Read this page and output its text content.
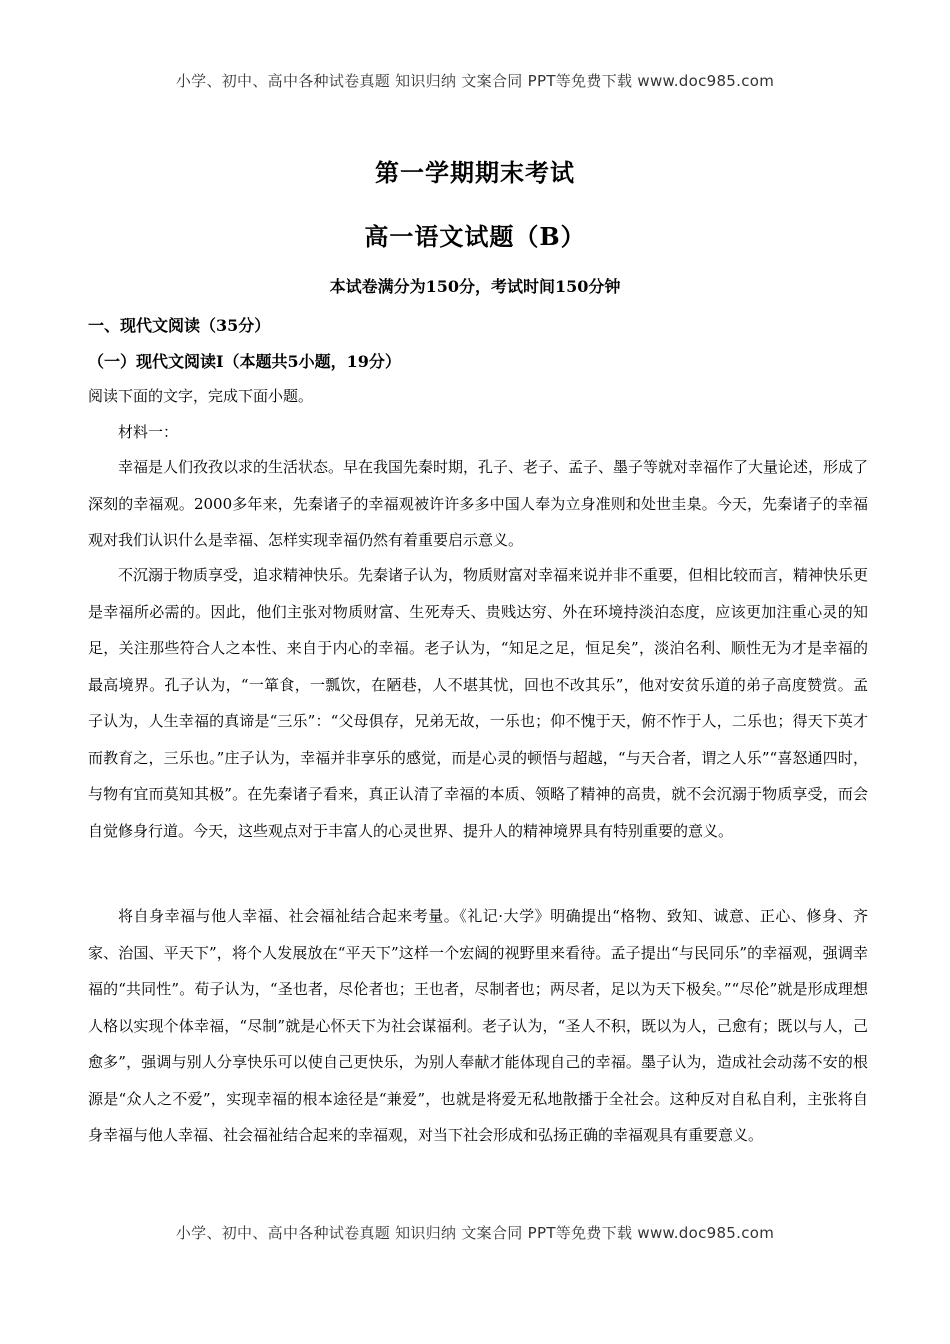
小学、初中、高中各种试卷真题 知识归纳 文案合同 PPT等免费下载 www.doc985.com
第一学期期末考试
高一语文试题（B）
本试卷满分为150分，考试时间150分钟
一、现代文阅读（35分）
（一）现代文阅读Ⅰ（本题共5小题，19分）
阅读下面的文字，完成下面小题。
材料一：

幸福是人们孜孜以求的生活状态。早在我国先秦时期，孔子、老子、孟子、墨子等就对幸福作了大量论述，形成了深刻的幸福观。2000多年来，先秦诸子的幸福观被许许多多中国人奉为立身准则和处世圭臬。今天，先秦诸子的幸福观对我们认识什么是幸福、怎样实现幸福仍然有着重要启示意义。

不沉溺于物质享受，追求精神快乐。先秦诸子认为，物质财富对幸福来说并非不重要，但相比较而言，精神快乐更是幸福所必需的。因此，他们主张对物质财富、生死寿夭、贵贱达穷、外在环境持淡泊态度，应该更加注重心灵的知足，关注那些符合人之本性、来自于内心的幸福。老子认为，“知足之足，恒足矣”，淡泊名利、顺性无为才是幸福的最高境界。孔子认为，“一箪食，一瓢饮，在陋巷，人不堪其忧，回也不改其乐”，他对安贫乐道的弟子高度赞赏。孟子认为，人生幸福的真谛是“三乐”：“父母俱存，兄弟无故，一乐也；仰不愧于天，俯不怍于人，二乐也；得天下英才而教育之，三乐也。”庄子认为，幸福并非享乐的感觉，而是心灵的顿悟与超越，“与天合者，谓之人乐”“喜怒通四时，与物有宜而莫知其极”。在先秦诸子看来，真正认清了幸福的本质、领略了精神的高贵，就不会沉溺于物质享受，而会自觉修身行道。今天，这些观点对于丰富人的心灵世界、提升人的精神境界具有特别重要的意义。

将自身幸福与他人幸福、社会福祉结合起来考量。《礼记·大学》明确提出“格物、致知、诚意、正心、修身、齐家、治国、平天下”，将个人发展放在“平天下”这样一个宏阔的视野里来看待。孟子提出“与民同乐”的幸福观，强调幸福的“共同性”。荀子认为，“圣也者，尽伦者也；王也者，尽制者也；两尽者，足以为天下极矣。”“尽伦”就是形成理想人格以实现个体幸福，“尽制”就是心怀天下为社会谋福利。老子认为，“圣人不积，既以为人，己愈有；既以与人，己愈多”，强调与别人分享快乐可以使自己更快乐，为别人奉献才能体现自己的幸福。墨子认为，造成社会动荡不安的根源是“众人之不爱”，实现幸福的根本途径是“兼爱”，也就是将爱无私地散播于全社会。这种反对自私自利，主张将自身幸福与他人幸福、社会福祉结合起来的幸福观，对当下社会形成和弘扬正确的幸福观具有重要意义。

小学、初中、高中各种试卷真题 知识归纳 文案合同 PPT等免费下载 www.doc985.com
